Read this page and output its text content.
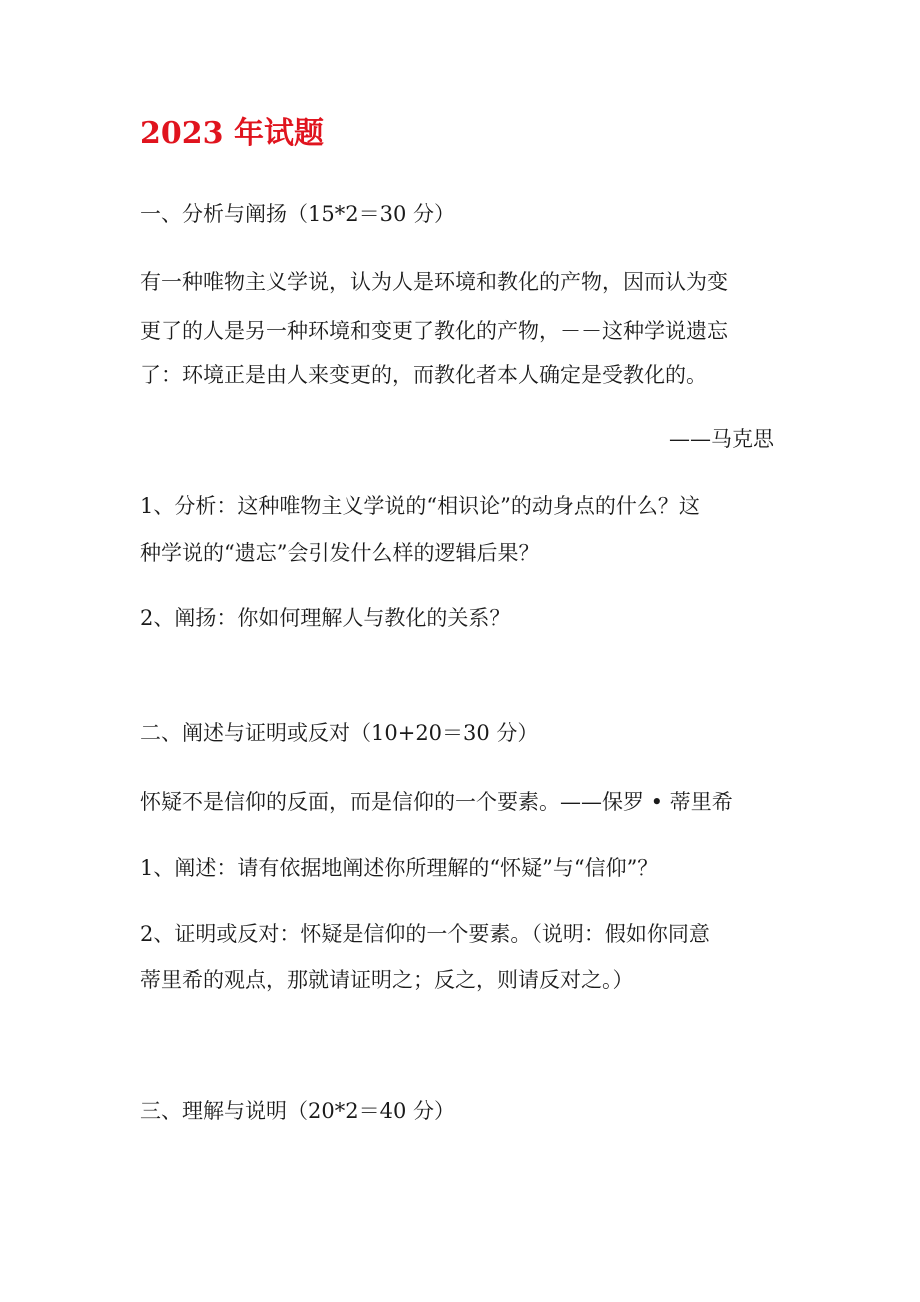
2023 年试题
一、分析与阐扬（15*2＝30 分）
有一种唯物主义学说，认为人是环境和教化的产物，因而认为变
更了的人是另一种环境和变更了教化的产物，－－这种学说遗忘
了：环境正是由人来变更的，而教化者本人确定是受教化的。
——马克思
1、分析：这种唯物主义学说的“相识论”的动身点的什么？这
种学说的“遗忘”会引发什么样的逻辑后果？
2、阐扬：你如何理解人与教化的关系？
二、阐述与证明或反对（10+20＝30 分）
怀疑不是信仰的反面，而是信仰的一个要素。——保罗 • 蒂里希
1、阐述：请有依据地阐述你所理解的“怀疑”与“信仰”？
2、证明或反对：怀疑是信仰的一个要素。（说明：假如你同意
蒂里希的观点，那就请证明之；反之，则请反对之。）
三、理解与说明（20*2＝40 分）
